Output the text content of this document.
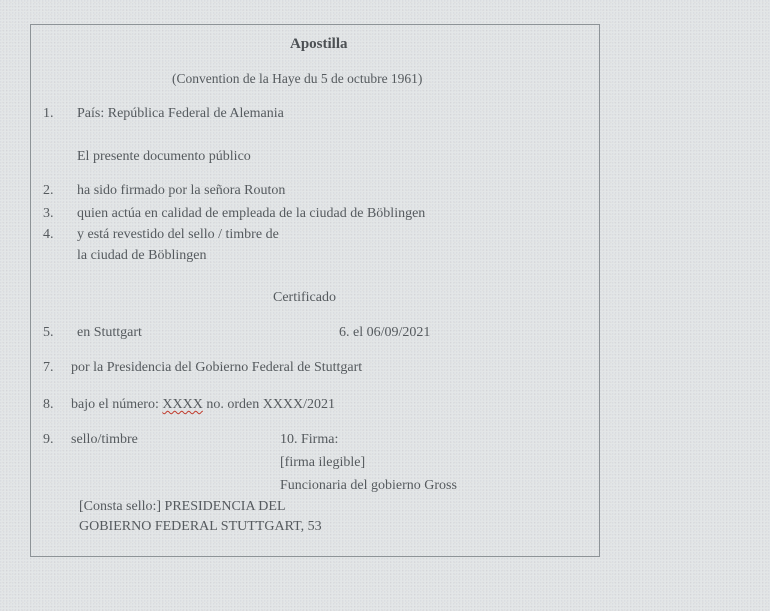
Apostilla
(Convention de la Haye du 5 de octubre 1961)
1. País: República Federal de Alemania
El presente documento público
2. ha sido firmado por la señora Routon
3. quien actúa en calidad de empleada de la ciudad de Böblingen
4. y está revestido del sello / timbre de
la ciudad de Böblingen
Certificado
5. en Stuttgart	6. el 06/09/2021
7. por la Presidencia del Gobierno Federal de Stuttgart
8. bajo el número: XXXX no. orden XXXX/2021
9. sello/timbre	10. Firma:
[firma ilegible]
Funcionaria del gobierno Gross
[Consta sello:] PRESIDENCIA DEL
GOBIERNO FEDERAL STUTTGART, 53
